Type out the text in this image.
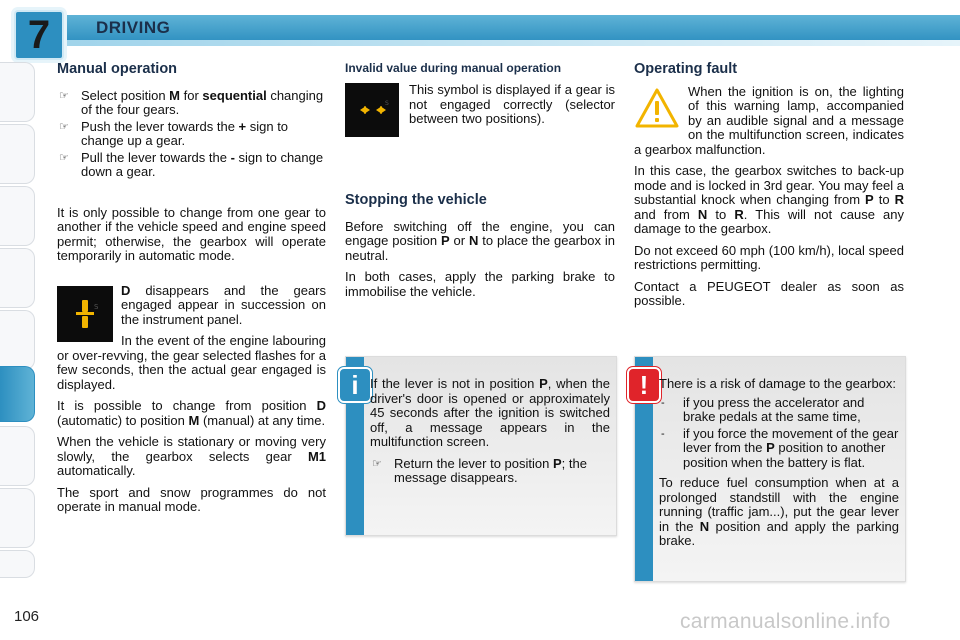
7	DRIVING
Manual operation
☞ Select position M for sequential changing of the four gears.
☞ Push the lever towards the + sign to change up a gear.
☞ Pull the lever towards the - sign to change down a gear.

It is only possible to change from one gear to another if the vehicle speed and engine speed permit; otherwise, the gearbox will operate temporarily in automatic mode.

S

D disappears and the gears engaged appear in succession on the instrument panel.

In the event of the engine labouring or over-revving, the gear selected flashes for a few seconds, then the actual gear engaged is displayed.

It is possible to change from position D (automatic) to position M (manual) at any time.

When the vehicle is stationary or moving very slowly, the gearbox selects gear M1 automatically.

The sport and snow programmes do not operate in manual mode.

Invalid value during manual operation
S

This symbol is displayed if a gear is not engaged correctly (selector between two positions).

Stopping the vehicle

Before switching off the engine, you can engage position P or N to place the gearbox in neutral.

In both cases, apply the parking brake to immobilise the vehicle.

i If the lever is not in position P, when the driver's door is opened or approximately 45 seconds after the ignition is switched off, a message appears in the multifunction screen.

☞ Return the lever to position P; the message disappears.
Operating fault

When the ignition is on, the lighting of this warning lamp, accompanied by an audible signal and a message on the multifunction screen, indicates a gearbox malfunction.

In this case, the gearbox switches to back-up mode and is locked in 3rd gear. You may feel a substantial knock when changing from P to R and from N to R. This will not cause any damage to the gearbox.

Do not exceed 60 mph (100 km/h), local speed restrictions permitting.

Contact a PEUGEOT dealer as soon as possible.

! There is a risk of damage to the gearbox:

- if you press the accelerator and brake pedals at the same time,
- if you force the movement of the gear lever from the P position to another position when the battery is flat.

To reduce fuel consumption when at a prolonged standstill with the engine running (traffic jam...), put the gear lever in the N position and apply the parking brake.

106	carmanualsonline.info
